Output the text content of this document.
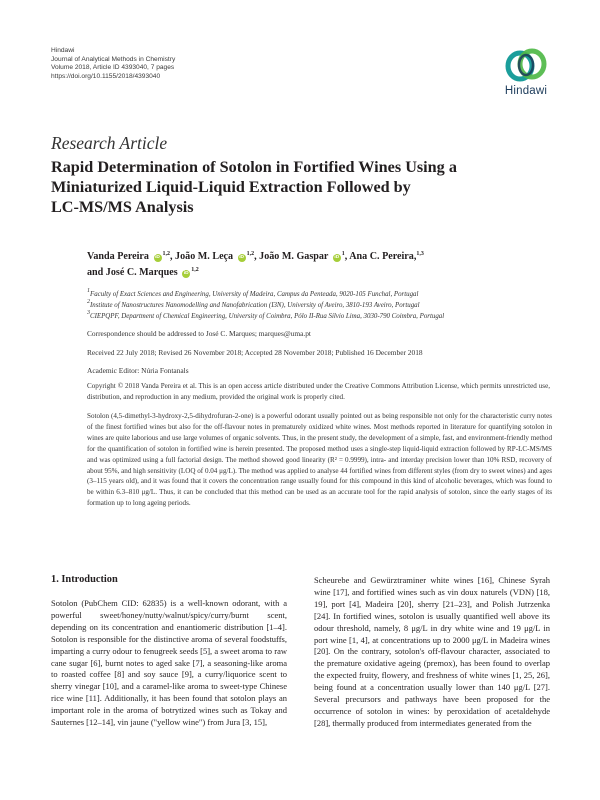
Hindawi
Journal of Analytical Methods in Chemistry
Volume 2018, Article ID 4393040, 7 pages
https://doi.org/10.1155/2018/4393040
Hindawi
Research Article
Rapid Determination of Sotolon in Fortified Wines Using a
Miniaturized Liquid-Liquid Extraction Followed by
LC-MS/MS Analysis
Vanda Pereira iD$^{1,2}$, João M. Leça iD$^{1,2}$, João M. Gaspar $iD^1$, Ana C. Pereira,$^{1,3}$
and José C. Marques iD$^{1,2}$
$^1$Faculty of Exact Sciences and Engineering, University of Madeira, Campus da Penteada, 9020-105 Funchal, Portugal
$^2$Institute of Nanostructures Nanomodelling and Nanofabrication (I3N), University of Aveiro, 3810-193 Aveiro, Portugal
$^3$CIEPQPF, Department of Chemical Engineering, University of Coimbra, Pólo II-Rua Sílvio Lima, 3030-790 Coimbra, Portugal
Correspondence should be addressed to José C. Marques; marques@uma.pt
Received 22 July 2018; Revised 26 November 2018; Accepted 28 November 2018; Published 16 December 2018
Academic Editor: Núria Fontanals
Copyright © 2018 Vanda Pereira et al. This is an open access article distributed under the Creative Commons Attribution License, which permits unrestricted use, distribution, and reproduction in any medium, provided the original work is properly cited.
Sotolon (4,5-dimethyl-3-hydroxy-2,5-dihydrofuran-2-one) is a powerful odorant usually pointed out as being responsible not only for the characteristic curry notes of the finest fortified wines but also for the off-flavour notes in prematurely oxidized white wines. Most methods reported in literature for quantifying sotolon in wines are quite laborious and use large volumes of organic solvents. Thus, in the present study, the development of a simple, fast, and environment-friendly method for the quantification of sotolon in fortified wine is herein presented. The proposed method uses a single-step liquid-liquid extraction followed by RP-LC-MS/MS and was optimized using a full factorial design. The method showed good linearity (R² = 0.9999), intra- and interday precision lower than 10% RSD, recovery of about 95%, and high sensitivity (LOQ of 0.04 μg/L). The method was applied to analyse 44 fortified wines from different styles (from dry to sweet wines) and ages (3–115 years old), and it was found that it covers the concentration range usually found for this compound in this kind of alcoholic beverages, which was found to be within 6.3–810 μg/L. Thus, it can be concluded that this method can be used as an accurate tool for the rapid analysis of sotolon, since the early stages of its formation up to long ageing periods.
1. Introduction
Sotolon (PubChem CID: 62835) is a well-known odorant, with a powerful sweet/honey/nutty/walnut/spicy/curry/burnt scent, depending on its concentration and enantiomeric distribution [1–4]. Sotolon is responsible for the distinctive aroma of several foodstuffs, imparting a curry odour to fenugreek seeds [5], a sweet aroma to raw cane sugar [6], burnt notes to aged sake [7], a seasoning-like aroma to roasted coffee [8] and soy sauce [9], a curry/liquorice scent to sherry vinegar [10], and a caramel-like aroma to sweet-type Chinese rice wine [11]. Additionally, it has been found that sotolon plays an important role in the aroma of botrytized wines such as Tokay and Sauternes [12–14], vin jaune ("yellow wine") from Jura [3, 15],
Scheurebe and Gewürztraminer white wines [16], Chinese Syrah wine [17], and fortified wines such as vin doux naturels (VDN) [18, 19], port [4], Madeira [20], sherry [21–23], and Polish Jutrzenka [24]. In fortified wines, sotolon is usually quantified well above its odour threshold, namely, 8 μg/L in dry white wine and 19 μg/L in port wine [1, 4], at concentrations up to 2000 μg/L in Madeira wines [20]. On the contrary, sotolon's off-flavour character, associated to the premature oxidative ageing (premox), has been found to overlap the expected fruity, flowery, and freshness of white wines [1, 25, 26], being found at a concentration usually lower than 140 μg/L [27]. Several precursors and pathways have been proposed for the occurrence of sotolon in wines: by peroxidation of acetaldehyde [28], thermally produced from intermediates generated from the
